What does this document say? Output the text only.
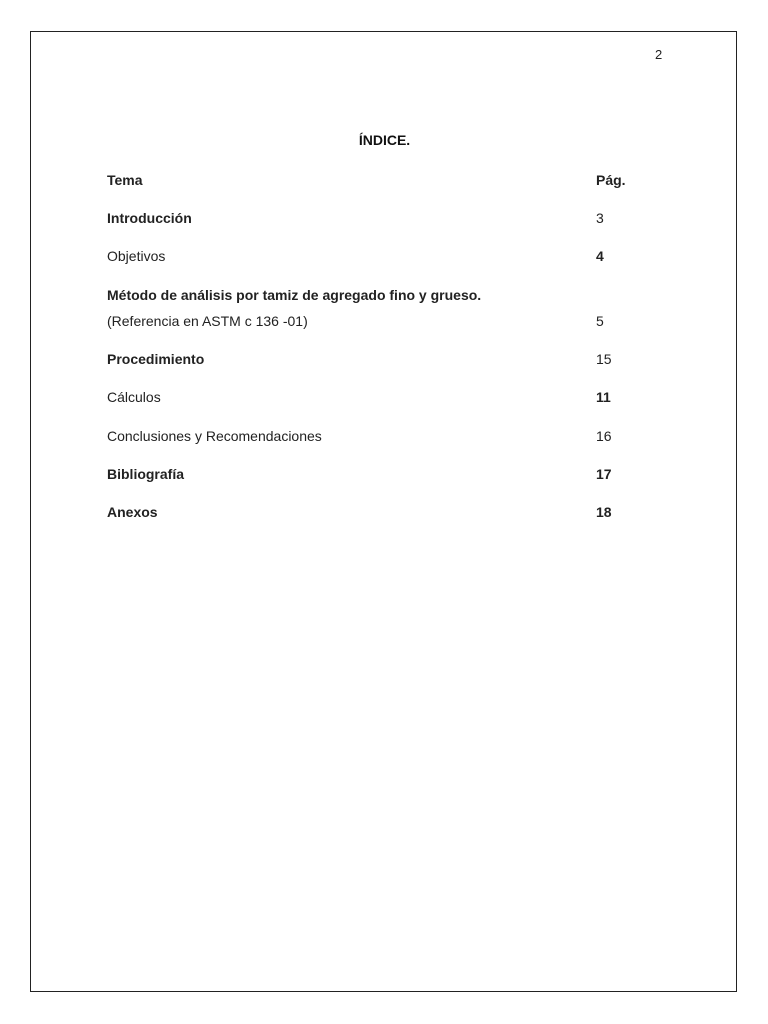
2
ÍNDICE.
Tema	Pág.
Introducción	3
Objetivos	4
Método de análisis por tamiz de agregado fino y grueso.
(Referencia en ASTM c 136 -01)	5
Procedimiento	15
Cálculos	11
Conclusiones y Recomendaciones	16
Bibliografía	17
Anexos	18
